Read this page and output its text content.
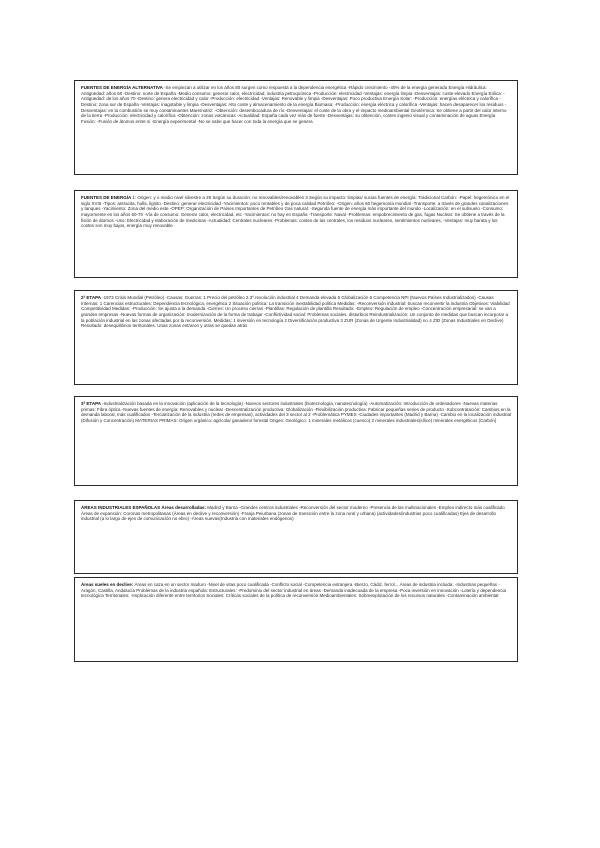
FUENTES DE ENERGÍA ALTERNATIVA -Se empiezan a utilizar en los años 80 surgen como respuesta a la dependencia energética -Rápido crecimiento -40% de la energía generada Energía Hidráulica: Antigüedad: años 60 -Destino: norte de España -Medio consumo: generar calor, electricidad, industria petroquímica -Producción: electricidad -Ventajas: energía limpia -Desventajas: coste elevado Energía Eólica: -Antigüedad: de los años 70 -Destino: genera electricidad y calor -Producción: electricidad -Ventajas: Renovable y limpia -Desventajas: Poco productiva Energía Solar: -Producción: energías eléctrica y calorífica -Destino: zona sur de España -Ventajas: inagotable y limpia -Desventajas: Alto coste y almacenamiento de la energía Biomasa: -Producción: energía eléctrica y calorífica -Ventajas: hacen desaparecer los residuos -Desventajas: en la combustión se muy contaminantes Maremotriz: -Obtención: desembocadura de río -Desventajas: el coste de la obra y el impacto medioambiental Geotérmica: Se obtiene a partir del calor interno de la tierra -Producción: electricidad y calorífica -Obtención: zonas volcánicas -Actualidad: España cada vez más de fuerte -Desventajas: su obtención, costes ingenio visual y contaminación de aguas Energía Fusión: -Fusión de átomos entre sí -Energía experimental -No se sabe que hacer con toda la energía que se genera
FUENTES DE ENERGÍA 1: Origen: y o medio nivel silvestre a 28 Según su duración: no renovables/renovables 3 Según su impacto: limpias/ sucias fuentes de energía: Tradicional Carbón: -Papel: hegemónico en el siglo XVIII -Tipos: antracita, hulla, lignito -Destino: generar electricidad -Yacimientos: poco rentables y de poca calidad Petróleo: -Origen: años 60 hegemonía mundial -Transporte: a través de grandes canalizaciones y tanques -Yacimiento: Zona del medio este -OPEP: Organización de Países Importantes de Petróleo Gas natural: -Segunda fuente de energía más importante del mundo -Localización: en el subsuelo -Consumo: mayormente en los años 60-70 -Vía de consumo: Generar calor, electricidad, etc -Yacimientos: no hay en España -Transporte: Naval -Problemas: empobrecimiento de gas, fugas Nuclear: Se obtiene a través de la fisión de átomos -Uso: Electricidad y elaboración de medicinas -Actualidad: Centrales nucleares -Problemas: costes de las centrales, los residuos nucleares, sentimientos nucleares, -Ventajas: muy barata y los costes son muy bajos, energía muy renovable
2ª ETAPA -1973 Crisis Mundial (Petróleo) -Causas: Guerras: 1 Precio del petróleo 2.3º revolución industrial 4 Demanda elevada 5 Globalización 6 Competencia NPI (Nuevos Países Industrializados) -Causas Internas: 1 Carencias estructurales: Dependencia tecnológica, energética 2 Situación política: La transición inestabilidad política Medidas: -Reconversión industrial: buscan reconvertir la industria Objetivos: Viabilidad Competitividad Medidas: -Producción: Se ajusta a la demanda -Cierres: Un proceso cierran -Plantillas: Regulación de plantilla Resultado: -Empleo: Regulación de empleo -Concentración empresarial: se van a grandes empresas -Nuevas formas de organización: modernización de la forma de trabajar -Conflictividad social: Problemas sociales, disturbios Reindustrialización: Un conjunto de medidas que buscan incorporar a la población industrial en las zonas afectadas por la reconversión. Medidas: 1 inversión en tecnología 2 Diversificación productiva 3 ZUR (Zonas de Urgente Industrialidad) no 4 ZID (Zonas Industriales en Declive) Resultado: desequilibrios territoriales. Unas zonas entraron y otras se quedan atrás
3ª ETAPA -Industrialización basada en la innovación (aplicación de la tecnología) -Nuevos sectores industriales (biotecnología, nanotecnología) -Automatización: Introducción de ordenadores -Nuevas materias primas: Fibra óptica -Nuevas fuentes de energía: Renovables y nuclear -Descentralización productiva: Globalización -Flexibilización productiva: Fabricar pequeñas series de producto -Subcontratación: Cambios en la demanda laboral, más cualificados -Terciarización de la industria (redes de empresas), actividades del 3 sector al 2 -Problemática PYMES -Ciudades importantes (Madrid y Barna) -Cambio en la localización industrial (Difusión y Concentración) MATERIAS PRIMAS: Origen orgánico: agrícola/ ganadero/ forestal Origen: Geológico: 1 minerales metálicos (cuesco) 2 minerales industriales(sílice) minerales energéticos (Carbón)
ÁREAS INDUSTRIALES ESPAÑOLAS Áreas desarrolladas: Madrid y Barna -Grandes centros industriales -Reconversión del sector moderno -Presencia de las multinacionales -Empleo indirecto más cualificado Áreas de expansión: Coronas metropolitanas (Áreas en declive y reconversión) -Franja Peiurbana (zonas de transición entre la zona rural y urbana) (actividades/industrias poco cualificadas) Ejes de desarrollo industrial (a lo largo de ejes de comunicación no ebro) -Áreas nuevas(Industria con materiales endógenos)
Áreas sueles en declive: Áreas en caza en un sector maduro -Nivel de vitas poco cualificada -Conflicto social -Competencia extranjera -Bierzo, Cádiz, ferrol... Áreas de industria incluida: -Industrias pequeñas -Aragón, Castilla, Andalucía Problemas de la industria española: Estructurales: -Predominio del sector industrial en áreas -Demanda inadecuada de la empresa -Poca inversión en innovación -Lotería y dependencia tecnológica Territoriales: -Implicación diferente entre territorios Sociales: Críticas sociales de la política de reconversión Medioambientales: Sobreexplotación de los recursos naturales -Contaminación ambiental
